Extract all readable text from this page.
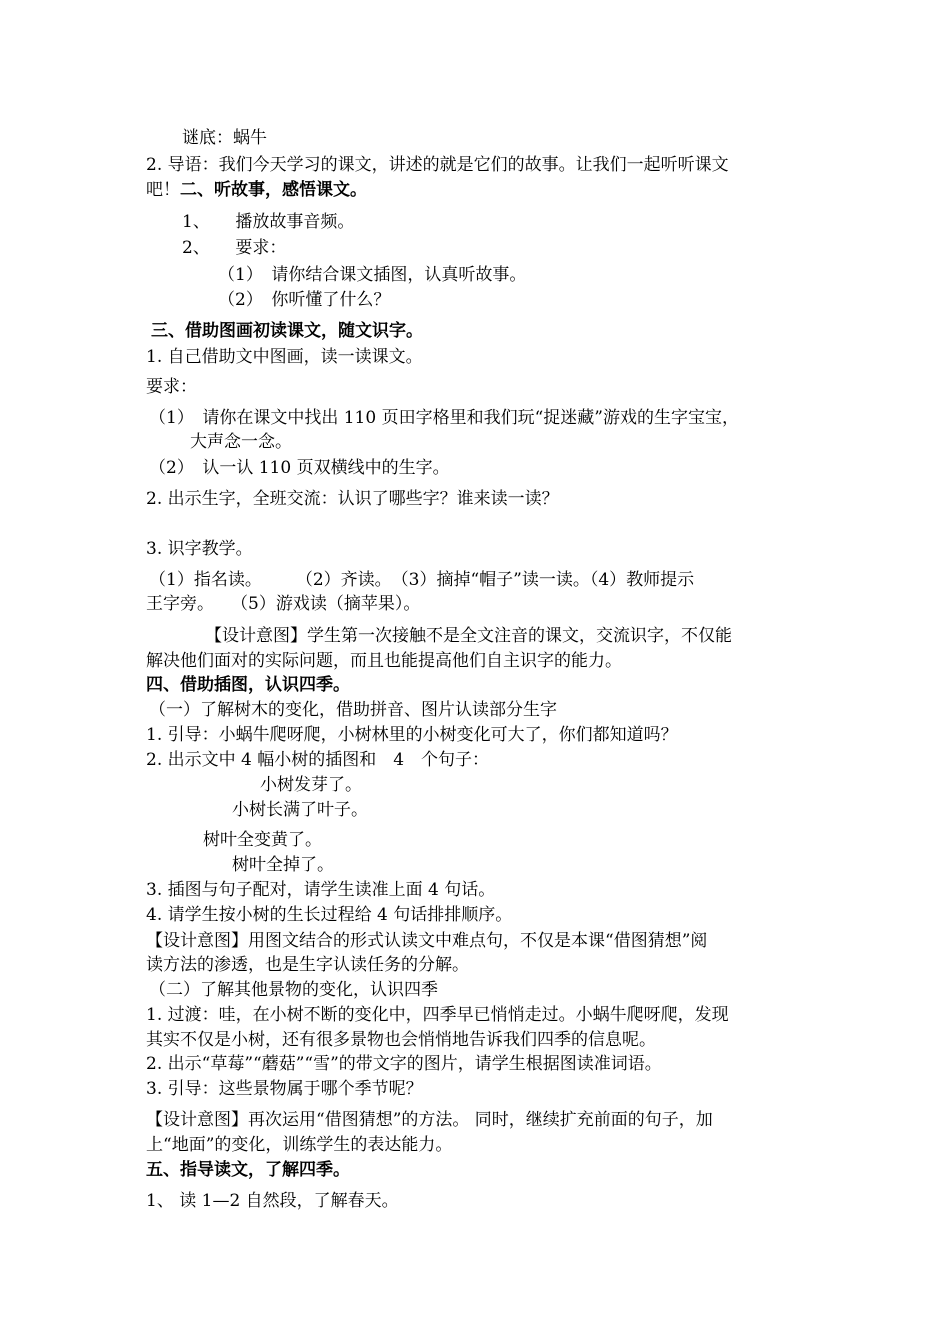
谜底：蜗牛
2. 导语：我们今天学习的课文，讲述的就是它们的故事。让我们一起听听课文
吧！二、听故事，感悟课文。
1、　　播放故事音频。
2、　　要求：
（1）　请你结合课文插图，认真听故事。
（2）　你听懂了什么？
三、借助图画初读课文，随文识字。
1. 自己借助文中图画，读一读课文。
要求：
（1）　请你在课文中找出 110 页田字格里和我们玩“捉迷藏”游戏的生字宝宝，
大声念一念。
（2）　认一认 110 页双横线中的生字。
2. 出示生字，全班交流：认识了哪些字？谁来读一读？
3. 识字教学。
（1）指名读。　　　（2）齐读。　（3）摘掉“帽子”读一读。（4）教师提示
王字旁。　　（5）游戏读（摘苹果）。
【设计意图】学生第一次接触不是全文注音的课文，交流识字，不仅能
解决他们面对的实际问题，而且也能提高他们自主识字的能力。
四、借助插图，认识四季。
（一）了解树木的变化，借助拼音、图片认读部分生字
1. 引导：小蜗牛爬呀爬，小树林里的小树变化可大了，你们都知道吗？
2. 出示文中 4 幅小树的插图和　4　个句子：
小树发芽了。
小树长满了叶子。
树叶全变黄了。
树叶全掉了。
3. 插图与句子配对，请学生读准上面 4 句话。
4. 请学生按小树的生长过程给 4 句话排排顺序。
【设计意图】用图文结合的形式认读文中难点句，不仅是本课“借图猜想”阅
读方法的渗透，也是生字认读任务的分解。
（二）了解其他景物的变化，认识四季
1. 过渡：哇，在小树不断的变化中，四季早已悄悄走过。小蜗牛爬呀爬，发现
其实不仅是小树，还有很多景物也会悄悄地告诉我们四季的信息呢。
2. 出示“草莓”“蘑菇”“雪”的带文字的图片，请学生根据图读准词语。
3. 引导：这些景物属于哪个季节呢？
【设计意图】再次运用“借图猜想”的方法。 同时，继续扩充前面的句子，加
上“地面”的变化，训练学生的表达能力。
五、指导读文，了解四季。
1、 读 1—2 自然段，了解春天。
